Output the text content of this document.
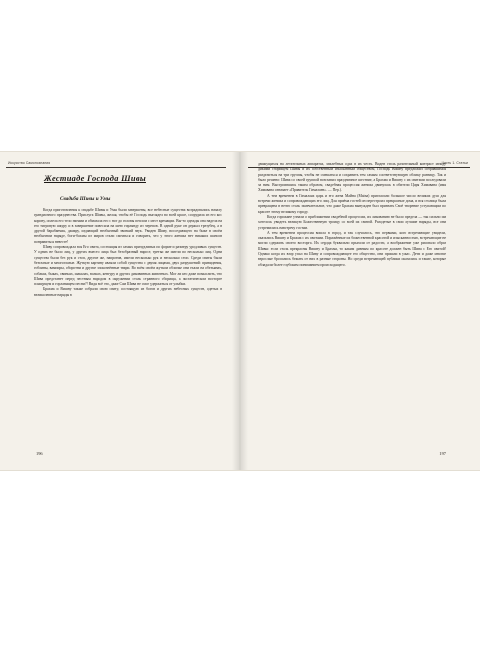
Искусство Самопознания
Жестиаде Господа Шивы
Свадьба Шивы и Умы

Когда приготовления к свадьбе Шивы и Умы были завершены, все небесные существа возрадовались началу грандиозного празднества. Прислуга Шивы, желая, чтобы её Господь выглядел во всей красе, соорудила из его кос корону, оплела его тело змеями и обмазала его с ног до головы пеплом с мест кремации. Вы-то одежды она надела на его тигровую шкуру и в завершение повесила на шею гирлянду из черепов. В одной руке он держал трезубец, а в другой барабанчик, дамару, издающий необычный звонкий звук. Увидев Шиву, восседающего на быке в своём необычном наряде, боги-бахмы из миров стали смеяться и говорить, что у этого жениха нет никаких шансов понравиться невесте!

Шиву сопровождала вся Его свита, состоящая из самых причудливых по форме и размеру уродливых существ. У одних не было лиц, у других вместо лица был безобразный нарост, третьи же имели по несколько лиц. Одни существа были без рук и стоп, другие же, напротив, имели несколько рук и несколько стоп. Среди свиты были безглазые и многоглазые. Жуткую картину являли собой существа с двумя лицами, двух разрушений: привидения, гоблины, вампиры, оборотни и другие злокознённые твари. Во всём своём жутком обличье они ехали на обезьянах, собаках, быках, свиньях, шакалах, волках, кенгуру и других диковинных животных. Мог ли кто даже помыслить, что Шива предстанет перед честным народом в окружении столь странного сборища, а экстатическом восторге плящущем и горланящем песни?! Видя всё это, даже Сам Шива не смог удержаться от улыбки.

Брахма и Вишну также собрали свою свиту, состоящую из богов и других небесных существ, одетых в великолепные наряды в

196
Часть 1. Статьи

движущихся на летательных аппаратах, хвалебных одах в их честь. Виден столь разительный контраст между дикими сборищем Шивы и их собственным изысканным обществом, Господь Вишну предложил собравшимся разделиться на три группы, чтобы не смешаться и сохранить тем самым соответствующую облику разницу. Так и было решено: Шива со своей группой возглавил праздничное шествие, а Брахма и Вишну с их свитами последовали за ним. Выстроившись таким образом, свадебная процессия жениха двинулась в обители Царя Химавана (имя Химавана означает «Правитель Гималаев». — Пер.).

А тем временем в Гималаях царь и его жена Майна (Maina) пригласили большое число великих душ для встречи жениха и сопровождающих его лиц. Для приёма гостей он перестроил прекрасные дома, и вся столица была превращена в нечто столь замечательное, что даже Брахма вынужден был признать Своё творение уступающим по красоте этому великому городу.

Когда горожане узнали о приближении свадебной процессии, их ликованию не было предела — так сильно им хотелось увидеть великую Божественную троицу со всей их свитой. Разодетые в свои лучшие наряды, все они устремились навстречу гостям.

А тем временем процессия вошла в город, и так случилось, что первыми, кого встречающие увидели, оказались Вишну и Брахма с их свитами. Поражённые их божественной красотой и изысканностью, встречающие не могли сдержать своего восторга. Их сердца буквально прыгали от радости, а воображение уже рисовало образ Шивы: если столь прекрасны Вишну и Брахма, то каким дивным по красоте должен быть Шива с Его свитой! Однако когда их взор упал на Шиву и сопровождающее его общество, они пришли в ужас. Дети и даже многие взрослые бросились бежать от них в разные стороны. Но среди встречающей публики оказались и такие, которые обладали более глубоким пониманием происходящего.

197
